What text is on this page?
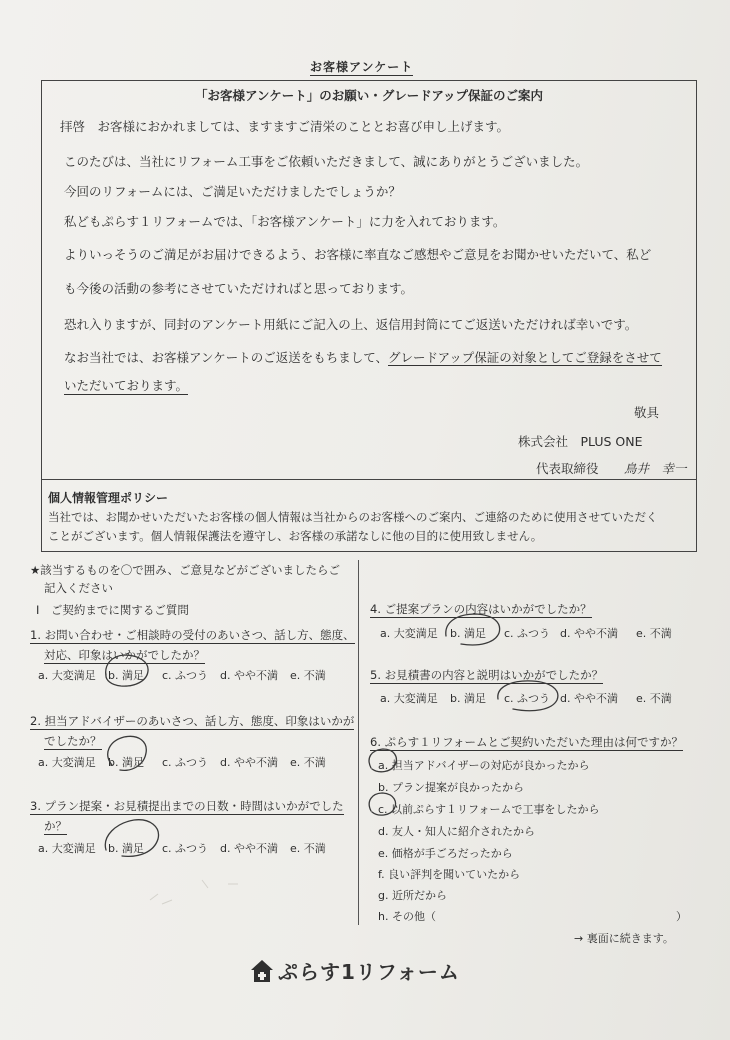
お客様アンケート
「お客様アンケート」のお願い・グレードアップ保証のご案内
拝啓　お客様におかれましては、ますますご清栄のこととお喜び申し上げます。
このたびは、当社にリフォーム工事をご依頼いただきまして、誠にありがとうございました。
今回のリフォームには、ご満足いただけましたでしょうか？
私どもぷらす１リフォームでは、「お客様アンケート」に力を入れております。
よりいっそうのご満足がお届けできるよう、お客様に率直なご感想やご意見をお聞かせいただいて、私ど
も今後の活動の参考にさせていただければと思っております。
恐れ入りますが、同封のアンケート用紙にご記入の上、返信用封筒にてご返送いただければ幸いです。
なお当社では、お客様アンケートのご返送をもちまして、グレードアップ保証の対象としてご登録をさせて
いただいております。
敬具
株式会社　PLUS ONE
代表取締役 鳥井　幸一
個人情報管理ポリシー
当社では、お聞かせいただいたお客様の個人情報は当社からのお客様へのご案内、ご連絡のために使用させていただく
ことがございます。個人情報保護法を遵守し、お客様の承諾なしに他の目的に使用致しません。
★該当するものを〇で囲み、ご意見などがございましたらご
記入ください
Ⅰ　ご契約までに関するご質問
1. お問い合わせ・ご相談時の受付のあいさつ、話し方、態度、
対応、印象はいかがでしたか？
a. 大変満足 b. 満足 c. ふつう d. やや不満 e. 不満
2. 担当アドバイザーのあいさつ、話し方、態度、印象はいかが
でしたか？
a. 大変満足 b. 満足 c. ふつう d. やや不満 e. 不満
3. プラン提案・お見積提出までの日数・時間はいかがでした
か？
a. 大変満足 b. 満足 c. ふつう d. やや不満 e. 不満
4. ご提案プランの内容はいかがでしたか？
a. 大変満足 b. 満足 c. ふつう d. やや不満 e. 不満
5. お見積書の内容と説明はいかがでしたか？
a. 大変満足 b. 満足 c. ふつう d. やや不満 e. 不満
6. ぷらす１リフォームとご契約いただいた理由は何ですか？
a. 担当アドバイザーの対応が良かったから
b. プラン提案が良かったから
c. 以前ぷらす１リフォームで工事をしたから
d. 友人・知人に紹介されたから
e. 価格が手ごろだったから
f. 良い評判を聞いていたから
g. 近所だから
h. その他（	）
→ 裏面に続きます。
ぷらす1リフォーム
